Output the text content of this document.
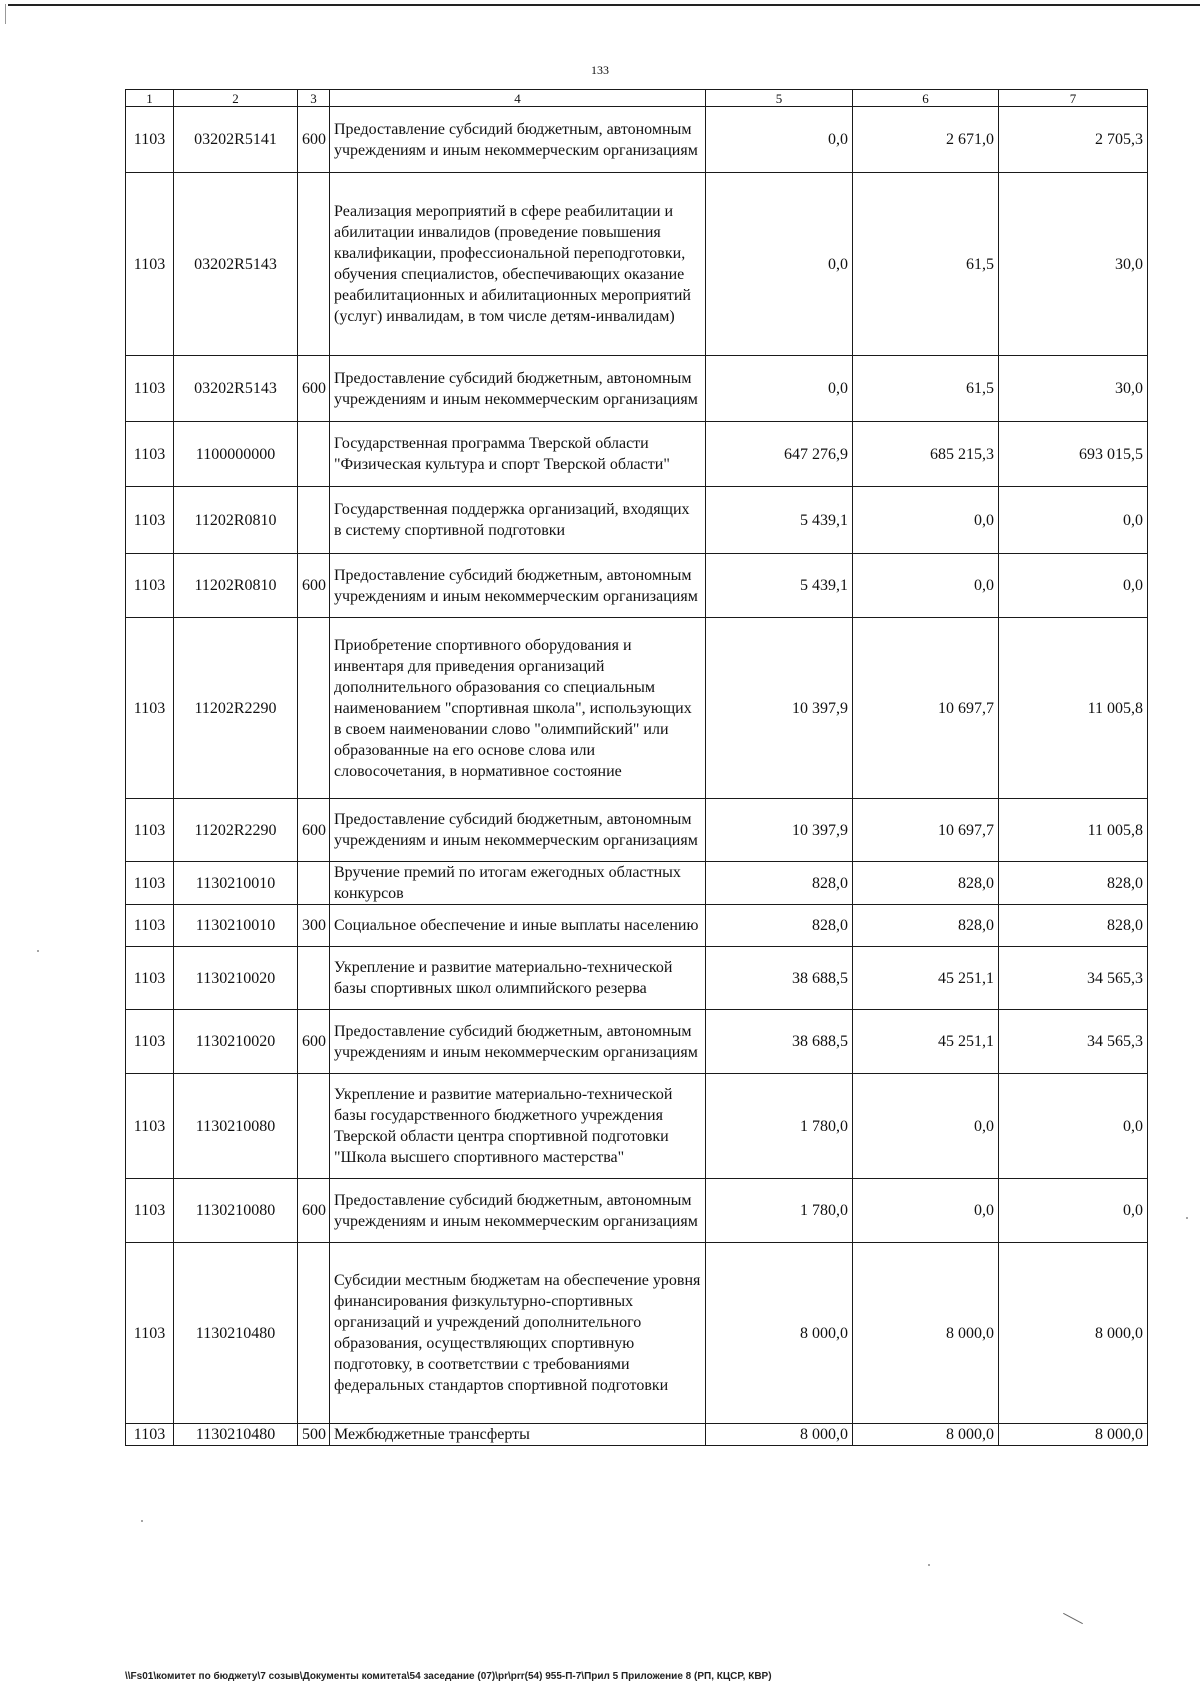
133
1	2	3	4	5	6	7
1103	03202R5141	600	Предоставление субсидий бюджетным, автономным учреждениям и иным некоммерческим организациям	0,0	2 671,0	2 705,3
1103	03202R5143		Реализация мероприятий в сфере реабилитации и абилитации инвалидов (проведение повышения квалификации, профессиональной переподготовки, обучения специалистов, обеспечивающих оказание реабилитационных и абилитационных мероприятий (услуг) инвалидам, в том числе детям-инвалидам)	0,0	61,5	30,0
1103	03202R5143	600	Предоставление субсидий бюджетным, автономным учреждениям и иным некоммерческим организациям	0,0	61,5	30,0
1103	1100000000		Государственная программа Тверской области "Физическая культура и спорт Тверской области"	647 276,9	685 215,3	693 015,5
1103	11202R0810		Государственная поддержка организаций, входящих в систему спортивной подготовки	5 439,1	0,0	0,0
1103	11202R0810	600	Предоставление субсидий бюджетным, автономным учреждениям и иным некоммерческим организациям	5 439,1	0,0	0,0
1103	11202R2290		Приобретение спортивного оборудования и инвентаря для приведения организаций дополнительного образования со специальным наименованием "спортивная школа", использующих в своем наименовании слово "олимпийский" или образованные на его основе слова или словосочетания, в нормативное состояние	10 397,9	10 697,7	11 005,8
1103	11202R2290	600	Предоставление субсидий бюджетным, автономным учреждениям и иным некоммерческим организациям	10 397,9	10 697,7	11 005,8
1103	1130210010		Вручение премий по итогам ежегодных областных конкурсов	828,0	828,0	828,0
1103	1130210010	300	Социальное обеспечение и иные выплаты населению	828,0	828,0	828,0
1103	1130210020		Укрепление и развитие материально-технической базы спортивных школ олимпийского резерва	38 688,5	45 251,1	34 565,3
1103	1130210020	600	Предоставление субсидий бюджетным, автономным учреждениям и иным некоммерческим организациям	38 688,5	45 251,1	34 565,3
1103	1130210080		Укрепление и развитие материально-технической базы государственного бюджетного учреждения Тверской области центра спортивной подготовки "Школа высшего спортивного мастерства"	1 780,0	0,0	0,0
1103	1130210080	600	Предоставление субсидий бюджетным, автономным учреждениям и иным некоммерческим организациям	1 780,0	0,0	0,0
1103	1130210480		Субсидии местным бюджетам на обеспечение уровня финансирования физкультурно-спортивных организаций и учреждений дополнительного образования, осуществляющих спортивную подготовку, в соответствии с требованиями федеральных стандартов спортивной подготовки	8 000,0	8 000,0	8 000,0
1103	1130210480	500	Межбюджетные трансферты	8 000,0	8 000,0	8 000,0
\\Fs01\комитет по бюджету\7 созыв\Документы комитета\54 заседание (07)\pr\prr(54) 955-П-7\Прил 5 Приложение 8 (РП, КЦСР, КВР)
